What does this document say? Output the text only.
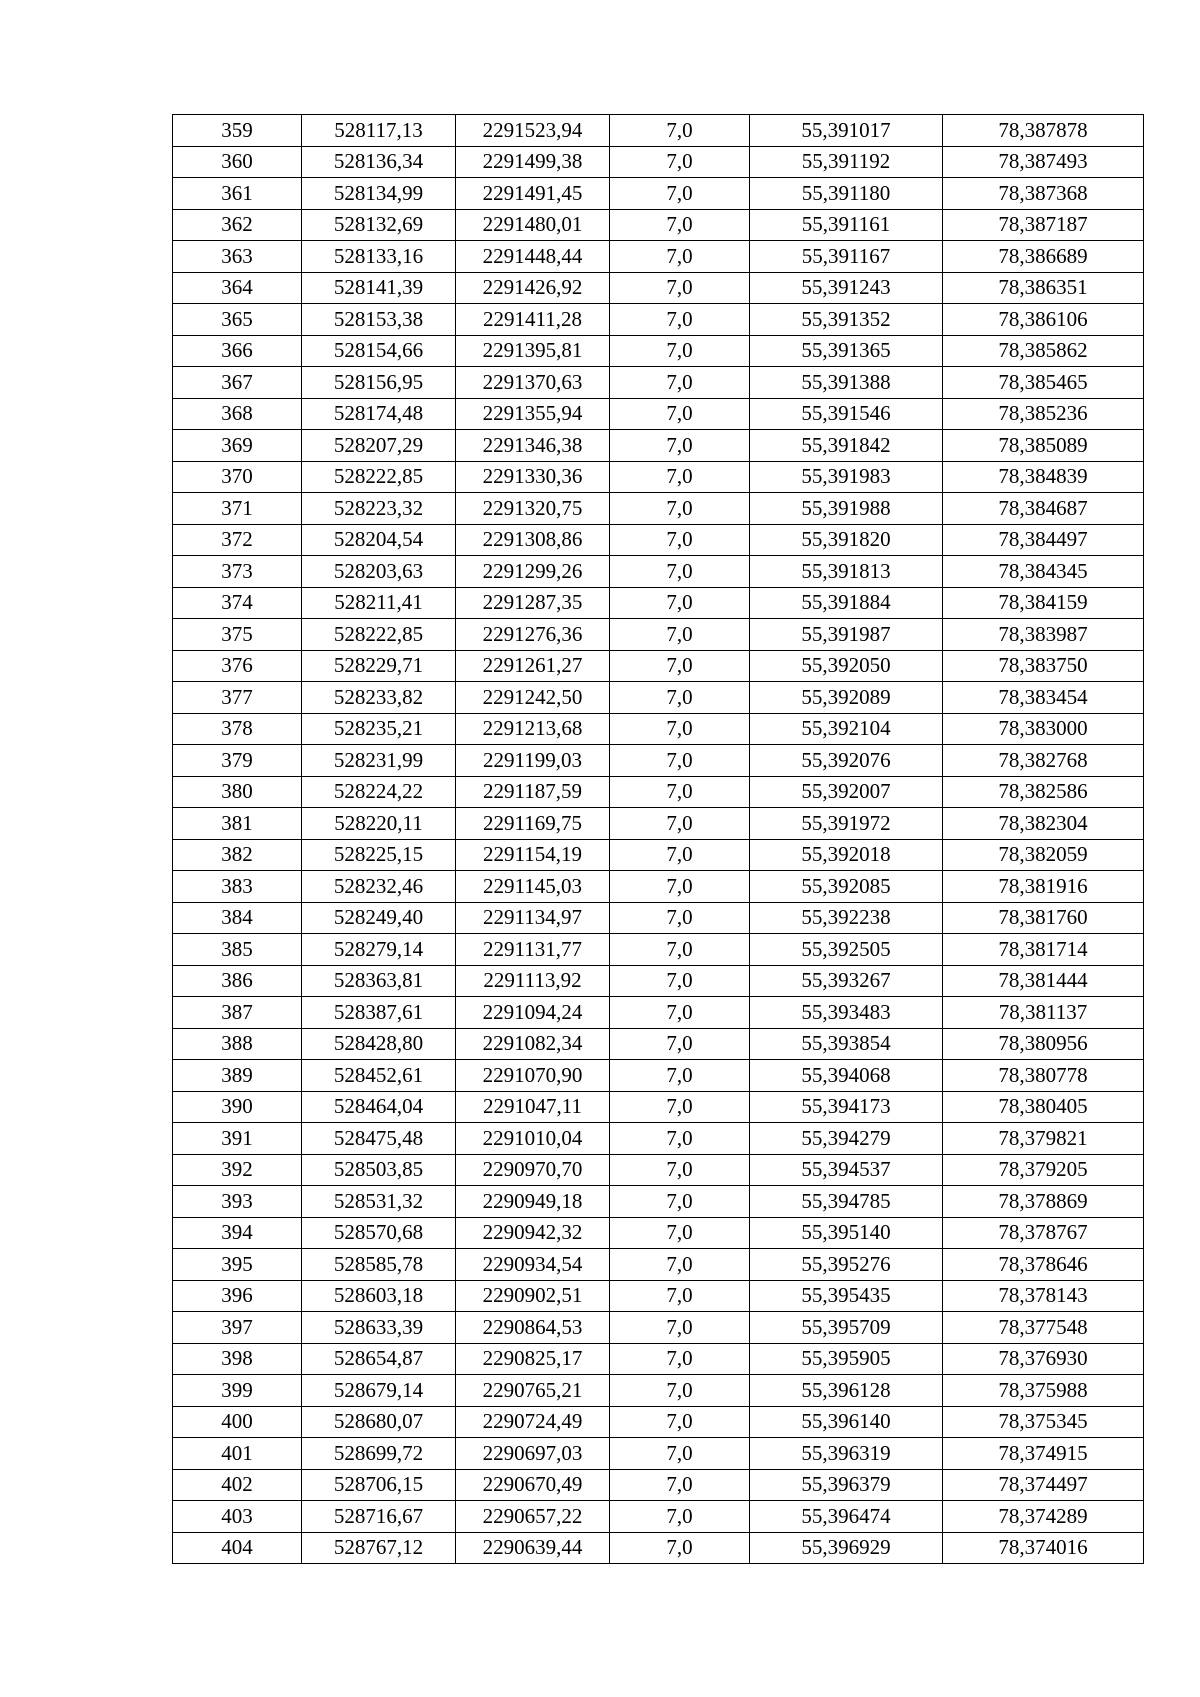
359	528117,13	2291523,94	7,0	55,391017	78,387878
360	528136,34	2291499,38	7,0	55,391192	78,387493
361	528134,99	2291491,45	7,0	55,391180	78,387368
362	528132,69	2291480,01	7,0	55,391161	78,387187
363	528133,16	2291448,44	7,0	55,391167	78,386689
364	528141,39	2291426,92	7,0	55,391243	78,386351
365	528153,38	2291411,28	7,0	55,391352	78,386106
366	528154,66	2291395,81	7,0	55,391365	78,385862
367	528156,95	2291370,63	7,0	55,391388	78,385465
368	528174,48	2291355,94	7,0	55,391546	78,385236
369	528207,29	2291346,38	7,0	55,391842	78,385089
370	528222,85	2291330,36	7,0	55,391983	78,384839
371	528223,32	2291320,75	7,0	55,391988	78,384687
372	528204,54	2291308,86	7,0	55,391820	78,384497
373	528203,63	2291299,26	7,0	55,391813	78,384345
374	528211,41	2291287,35	7,0	55,391884	78,384159
375	528222,85	2291276,36	7,0	55,391987	78,383987
376	528229,71	2291261,27	7,0	55,392050	78,383750
377	528233,82	2291242,50	7,0	55,392089	78,383454
378	528235,21	2291213,68	7,0	55,392104	78,383000
379	528231,99	2291199,03	7,0	55,392076	78,382768
380	528224,22	2291187,59	7,0	55,392007	78,382586
381	528220,11	2291169,75	7,0	55,391972	78,382304
382	528225,15	2291154,19	7,0	55,392018	78,382059
383	528232,46	2291145,03	7,0	55,392085	78,381916
384	528249,40	2291134,97	7,0	55,392238	78,381760
385	528279,14	2291131,77	7,0	55,392505	78,381714
386	528363,81	2291113,92	7,0	55,393267	78,381444
387	528387,61	2291094,24	7,0	55,393483	78,381137
388	528428,80	2291082,34	7,0	55,393854	78,380956
389	528452,61	2291070,90	7,0	55,394068	78,380778
390	528464,04	2291047,11	7,0	55,394173	78,380405
391	528475,48	2291010,04	7,0	55,394279	78,379821
392	528503,85	2290970,70	7,0	55,394537	78,379205
393	528531,32	2290949,18	7,0	55,394785	78,378869
394	528570,68	2290942,32	7,0	55,395140	78,378767
395	528585,78	2290934,54	7,0	55,395276	78,378646
396	528603,18	2290902,51	7,0	55,395435	78,378143
397	528633,39	2290864,53	7,0	55,395709	78,377548
398	528654,87	2290825,17	7,0	55,395905	78,376930
399	528679,14	2290765,21	7,0	55,396128	78,375988
400	528680,07	2290724,49	7,0	55,396140	78,375345
401	528699,72	2290697,03	7,0	55,396319	78,374915
402	528706,15	2290670,49	7,0	55,396379	78,374497
403	528716,67	2290657,22	7,0	55,396474	78,374289
404	528767,12	2290639,44	7,0	55,396929	78,374016
